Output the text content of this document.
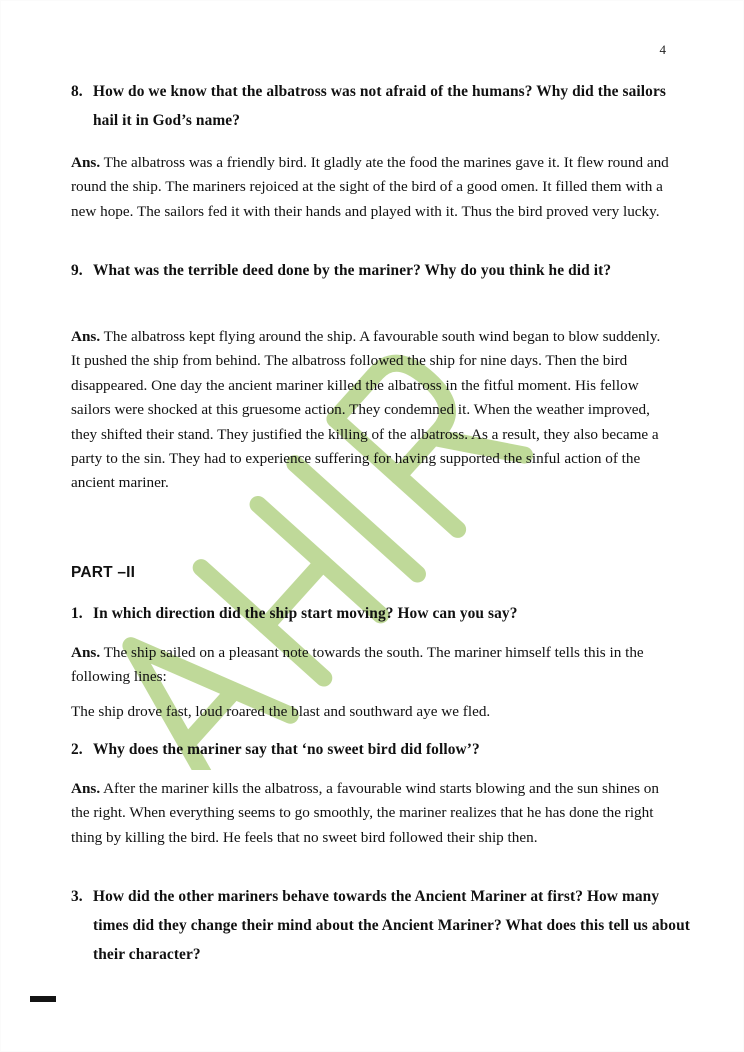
4
8. How do we know that the albatross was not afraid of the humans? Why did the sailors hail it in God’s name?
Ans. The albatross was a friendly bird. It gladly ate the food the marines gave it. It flew round and round the ship. The mariners rejoiced at the sight of the bird of a good omen. It filled them with a new hope. The sailors fed it with their hands and played with it. Thus the bird proved very lucky.
9. What was the terrible deed done by the mariner? Why do you think he did it?
Ans. The albatross kept flying around the ship. A favourable south wind began to blow suddenly. It pushed the ship from behind. The albatross followed the ship for nine days. Then the bird disappeared. One day the ancient mariner killed the albatross in the fitful moment. His fellow sailors were shocked at this gruesome action. They condemned it. When the weather improved, they shifted their stand. They justified the killing of the albatross. As a result, they also became a party to the sin. They had to experience suffering for having supported the sinful action of the ancient mariner.
PART –II
1. In which direction did the ship start moving? How can you say?
Ans. The ship sailed on a pleasant note towards the south. The mariner himself tells this in the following lines:
The ship drove fast, loud roared the blast and southward aye we fled.
2. Why does the mariner say that ‘no sweet bird did follow’?
Ans. After the mariner kills the albatross, a favourable wind starts blowing and the sun shines on the right. When everything seems to go smoothly, the mariner realizes that he has done the right thing by killing the bird. He feels that no sweet bird followed their ship then.
3. How did the other mariners behave towards the Ancient Mariner at first? How many times did they change their mind about the Ancient Mariner? What does this tell us about their character?
